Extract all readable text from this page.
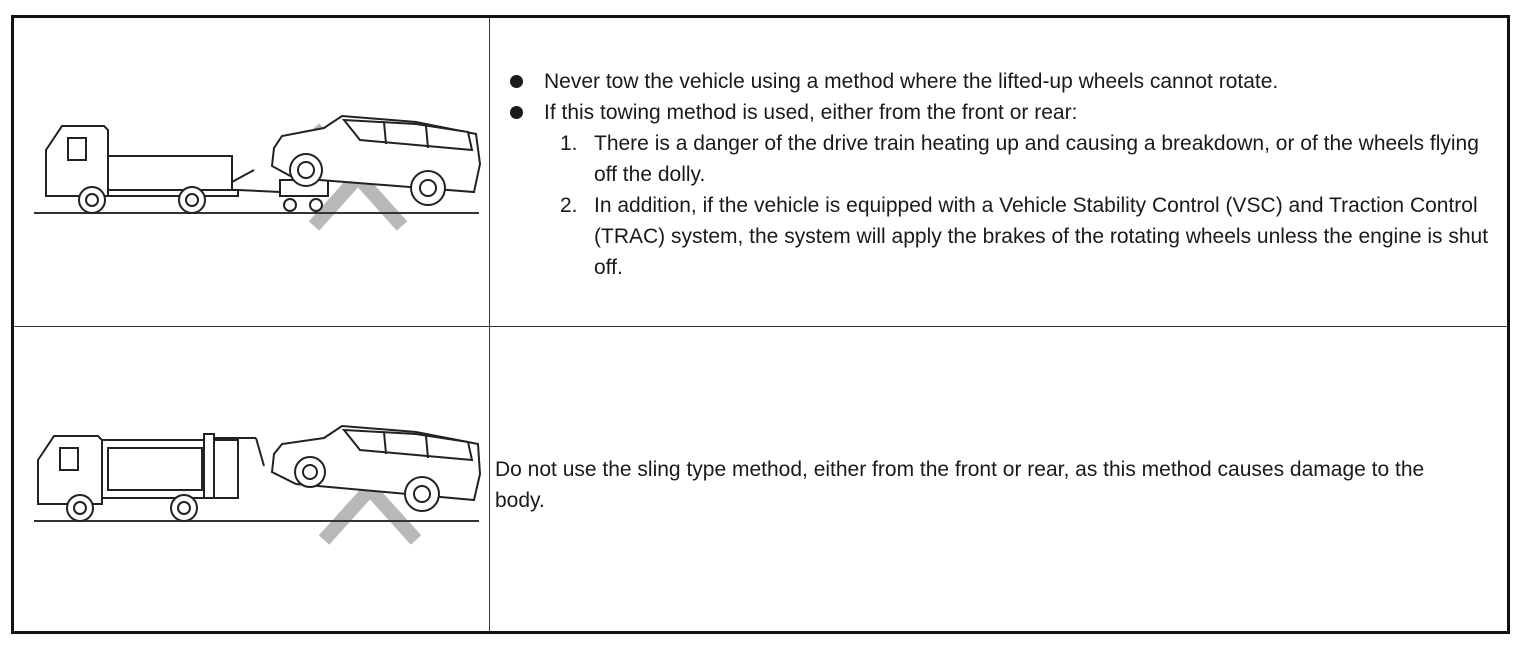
Never tow the vehicle using a method where the lifted-up wheels cannot rotate.
If this towing method is used, either from the front or rear:
1. There is a danger of the drive train heating up and causing a breakdown, or of the wheels flying off the dolly.
2. In addition, if the vehicle is equipped with a Vehicle Stability Control (VSC) and Traction Control (TRAC) system, the system will apply the brakes of the rotating wheels unless the engine is shut off.
Do not use the sling type method, either from the front or rear, as this method causes damage to the body.
